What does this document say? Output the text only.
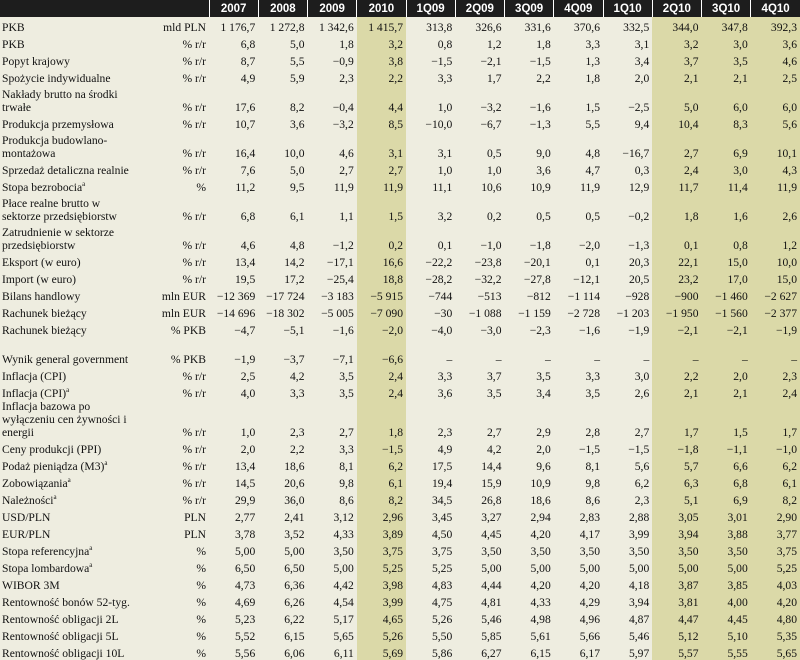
		2007	2008	2009	2010	1Q09	2Q09	3Q09	4Q09	1Q10	2Q10	3Q10	4Q10
PKB	mld PLN	1 176,7	1 272,8	1 342,6	1 415,7	313,8	326,6	331,6	370,6	332,5	344,0	347,8	392,3
PKB	% r/r	6,8	5,0	1,8	3,2	0,8	1,2	1,8	3,3	3,1	3,2	3,0	3,6
Popyt krajowy	% r/r	8,7	5,5	−0,9	3,8	−1,5	−2,1	−1,5	1,3	3,4	3,7	3,5	4,6
Spożycie indywidualne	% r/r	4,9	5,9	2,3	2,2	3,3	1,7	2,2	1,8	2,0	2,1	2,1	2,5
Nakłady brutto na środki trwałe	% r/r	17,6	8,2	−0,4	4,4	1,0	−3,2	−1,6	1,5	−2,5	5,0	6,0	6,0
Produkcja przemysłowa	% r/r	10,7	3,6	−3,2	8,5	−10,0	−6,7	−1,3	5,5	9,4	10,4	8,3	5,6
Produkcja budowlano-montażowa	% r/r	16,4	10,0	4,6	3,1	3,1	0,5	9,0	4,8	−16,7	2,7	6,9	10,1
Sprzedaż detaliczna realnie	% r/r	7,6	5,0	2,7	2,7	1,0	1,0	3,6	4,7	0,3	2,4	3,0	4,3
Stopa bezrobocia$^a$	%	11,2	9,5	11,9	11,9	11,1	10,6	10,9	11,9	12,9	11,7	11,4	11,9
Płace realne brutto w sektorze przedsiębiorstw	% r/r	6,8	6,1	1,1	1,5	3,2	0,2	0,5	0,5	−0,2	1,8	1,6	2,6
Zatrudnienie w sektorze przedsiębiorstw	% r/r	4,6	4,8	−1,2	0,2	0,1	−1,0	−1,8	−2,0	−1,3	0,1	0,8	1,2
Eksport (w euro)	% r/r	13,4	14,2	−17,1	16,6	−22,2	−23,8	−20,1	0,1	20,3	22,1	15,0	10,0
Import (w euro)	% r/r	19,5	17,2	−25,4	18,8	−28,2	−32,2	−27,8	−12,1	20,5	23,2	17,0	15,0
Bilans handlowy	mln EUR	−12 369	−17 724	−3 183	−5 915	−744	−513	−812	−1 114	−928	−900	−1 460	−2 627
Rachunek bieżący	mln EUR	−14 696	−18 302	−5 005	−7 090	−30	−1 088	−1 159	−2 728	−1 203	−1 950	−1 560	−2 377
Rachunek bieżący	% PKB	−4,7	−5,1	−1,6	−2,0	−4,0	−3,0	−2,3	−1,6	−1,9	−2,1	−2,1	−1,9
Wynik general government	% PKB	−1,9	−3,7	−7,1	−6,6	–	–	–	–	–	–	–	–
Inflacja (CPI)	% r/r	2,5	4,2	3,5	2,4	3,3	3,7	3,5	3,3	3,0	2,2	2,0	2,3
Inflacja (CPI)$^a$	% r/r	4,0	3,3	3,5	2,4	3,6	3,5	3,4	3,5	2,6	2,1	2,1	2,4
Inflacja bazowa po wyłączeniu cen żywności i energii	% r/r	1,0	2,3	2,7	1,8	2,3	2,7	2,9	2,8	2,7	1,7	1,5	1,7
Ceny produkcji (PPI)	% r/r	2,0	2,2	3,3	−1,5	4,9	4,2	2,0	−1,5	−1,5	−1,8	−1,1	−1,0
Podaż pieniądza $(M3)^a$	% r/r	13,4	18,6	8,1	6,2	17,5	14,4	9,6	8,1	5,6	5,7	6,6	6,2
Zobowiązania$^a$	% r/r	14,5	20,6	9,8	6,1	19,4	15,9	10,9	9,8	6,2	6,3	6,8	6,1
Należności$^a$	% r/r	29,9	36,0	8,6	8,2	34,5	26,8	18,6	8,6	2,3	5,1	6,9	8,2
USD/PLN	PLN	2,77	2,41	3,12	2,96	3,45	3,27	2,94	2,83	2,88	3,05	3,01	2,90
EUR/PLN	PLN	3,78	3,52	4,33	3,89	4,50	4,45	4,20	4,17	3,99	3,94	3,88	3,77
Stopa referencyjna$^a$	%	5,00	5,00	3,50	3,75	3,75	3,50	3,50	3,50	3,50	3,50	3,50	3,75
Stopa lombardowa$^a$	%	6,50	6,50	5,00	5,25	5,25	5,00	5,00	5,00	5,00	5,00	5,00	5,25
WIBOR 3M	%	4,73	6,36	4,42	3,98	4,83	4,44	4,20	4,20	4,18	3,87	3,85	4,03
Rentowność bonów 52-tyg.	%	4,69	6,26	4,54	3,99	4,75	4,81	4,33	4,29	3,94	3,81	4,00	4,20
Rentowność obligacji 2L	%	5,23	6,22	5,17	4,65	5,26	5,46	4,98	4,96	4,87	4,47	4,45	4,80
Rentowność obligacji 5L	%	5,52	6,15	5,65	5,26	5,50	5,85	5,61	5,66	5,46	5,12	5,10	5,35
Rentowność obligacji 10L	%	5,56	6,06	6,11	5,69	5,86	6,27	6,15	6,17	5,97	5,57	5,55	5,65
